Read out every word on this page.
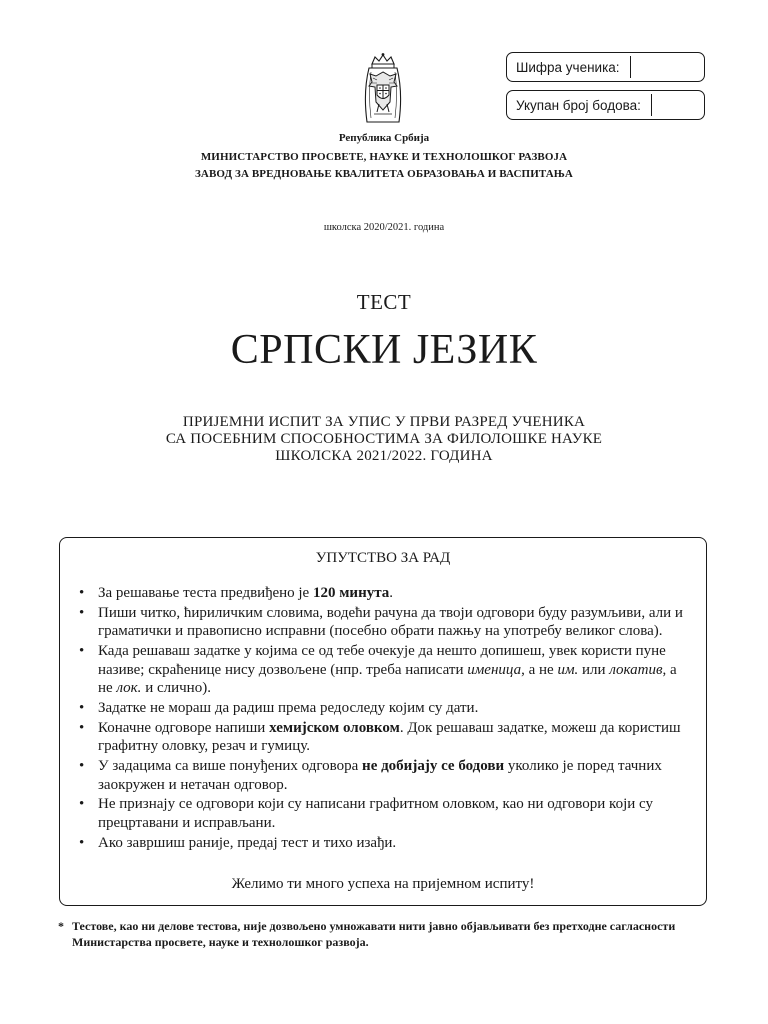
Шифра ученика:
Укупан број бодова:
Република Србија
МИНИСТАРСТВО ПРОСВЕТЕ, НАУКЕ И ТЕХНОЛОШКОГ РАЗВОЈА
ЗАВОД ЗА ВРЕДНОВАЊЕ КВАЛИТЕТА ОБРАЗОВАЊА И ВАСПИТАЊА
школска 2020/2021. година
ТЕСТ
СРПСКИ ЈЕЗИК
ПРИЈЕМНИ ИСПИТ ЗА УПИС У ПРВИ РАЗРЕД УЧЕНИКА
СА ПОСЕБНИМ СПОСОБНОСТИМА ЗА ФИЛОЛОШКЕ НАУКЕ
ШКОЛСКА 2021/2022. ГОДИНА
УПУТСТВО ЗА РАД
• За решавање теста предвиђено је 120 минута.
• Пиши читко, ћириличким словима, водећи рачуна да твоји одговори буду разумљиви, али и граматички и правописно исправни (посебно обрати пажњу на употребу великог слова).
• Када решаваш задатке у којима се од тебе очекује да нешто допишеш, увек користи пуне називе; скраћенице нису дозвољене (нпр. треба написати именица, а не им. или локатив, а не лок. и слично).
• Задатке не мораш да радиш према редоследу којим су дати.
• Коначне одговоре напиши хемијском оловком. Док решаваш задатке, можеш да користиш графитну оловку, резач и гумицу.
• У задацима са више понуђених одговора не добијају се бодови уколико је поред тачних заокружен и нетачан одговор.
• Не признају се одговори који су написани графитном оловком, као ни одговори који су прецртавани и исправљани.
• Ако завршиш раније, предај тест и тихо изађи.
Желимо ти много успеха на пријемном испиту!
* Тестове, као ни делове тестова, није дозвољено умножавати нити јавно објављивати без претходне сагласности Министарства просвете, науке и технолошког развоја.
